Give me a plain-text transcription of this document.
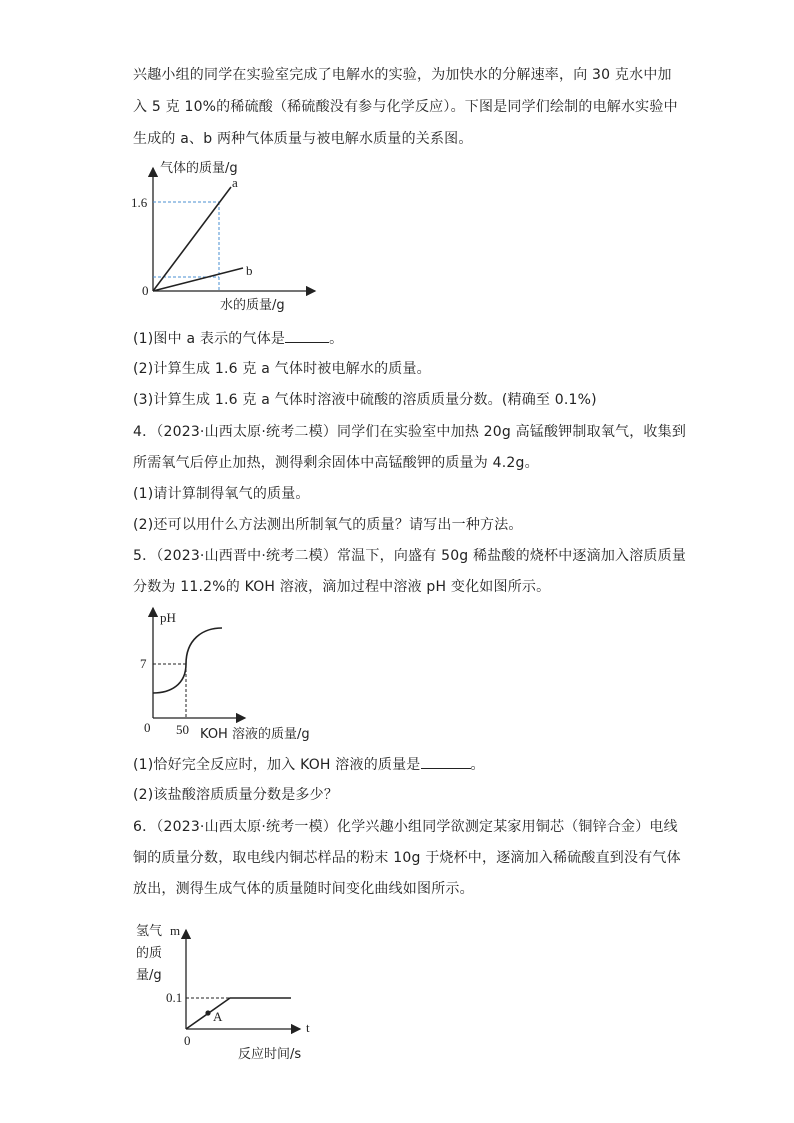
兴趣小组的同学在实验室完成了电解水的实验，为加快水的分解速率，向 30 克水中加
入 5 克 10%的稀硫酸（稀硫酸没有参与化学反应）。下图是同学们绘制的电解水实验中
生成的 a、b 两种气体质量与被电解水质量的关系图。
气体的质量/g
a
b
1.6
0
水的质量/g
(1)图中 a 表示的气体是	。
(2)计算生成 1.6 克 a 气体时被电解水的质量。
(3)计算生成 1.6 克 a 气体时溶液中硫酸的溶质质量分数。(精确至 0.1%)
4．（2023·山西太原·统考二模）同学们在实验室中加热 20g 高锰酸钾制取氧气，收集到
所需氧气后停止加热，测得剩余固体中高锰酸钾的质量为 4.2g。
(1)请计算制得氧气的质量。
(2)还可以用什么方法测出所制氧气的质量？请写出一种方法。
5．（2023·山西晋中·统考二模）常温下，向盛有 50g 稀盐酸的烧杯中逐滴加入溶质质量
分数为 11.2%的 KOH 溶液，滴加过程中溶液 pH 变化如图所示。
pH
7
0 50 KOH 溶液的质量/g
(1)恰好完全反应时，加入 KOH 溶液的质量是	。
(2)该盐酸溶质质量分数是多少？
6．（2023·山西太原·统考一模）化学兴趣小组同学欲测定某家用铜芯（铜锌合金）电线
铜的质量分数，取电线内铜芯样品的粉末 10g 于烧杯中，逐滴加入稀硫酸直到没有气体
放出，测得生成气体的质量随时间变化曲线如图所示。
氢气 m
的质
量/g
0.1
A
0
t
反应时间/s
